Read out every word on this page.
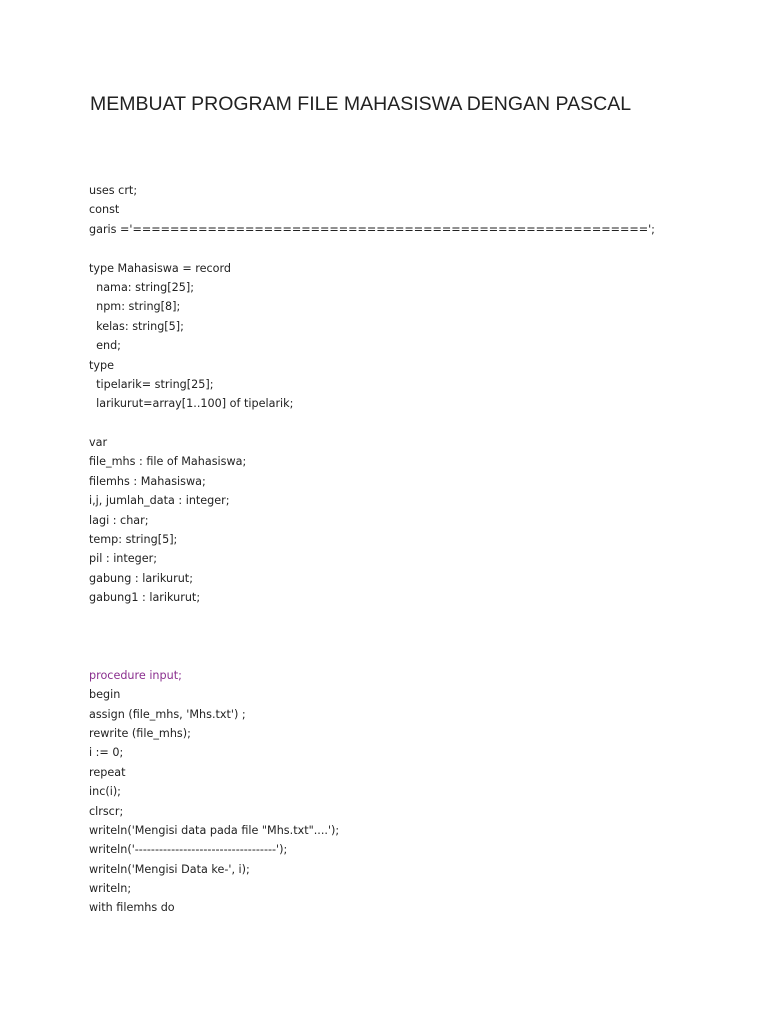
MEMBUAT PROGRAM FILE MAHASISWA DENGAN PASCAL
uses crt;
const
garis ='=======================================================';
type Mahasiswa = record
nama: string[25];
npm: string[8];
kelas: string[5];
end;
type
tipelarik= string[25];
larikurut=array[1..100] of tipelarik;
var
file_mhs : file of Mahasiswa;
filemhs : Mahasiswa;
i,j, jumlah_data : integer;
lagi : char;
temp: string[5];
pil : integer;
gabung : larikurut;
gabung1 : larikurut;
procedure input;
begin
assign (file_mhs, 'Mhs.txt') ;
rewrite (file_mhs);
i := 0;
repeat
inc(i);
clrscr;
writeln('Mengisi data pada file "Mhs.txt"....');
writeln('-----------------------------------');
writeln('Mengisi Data ke-', i);
writeln;
with filemhs do
